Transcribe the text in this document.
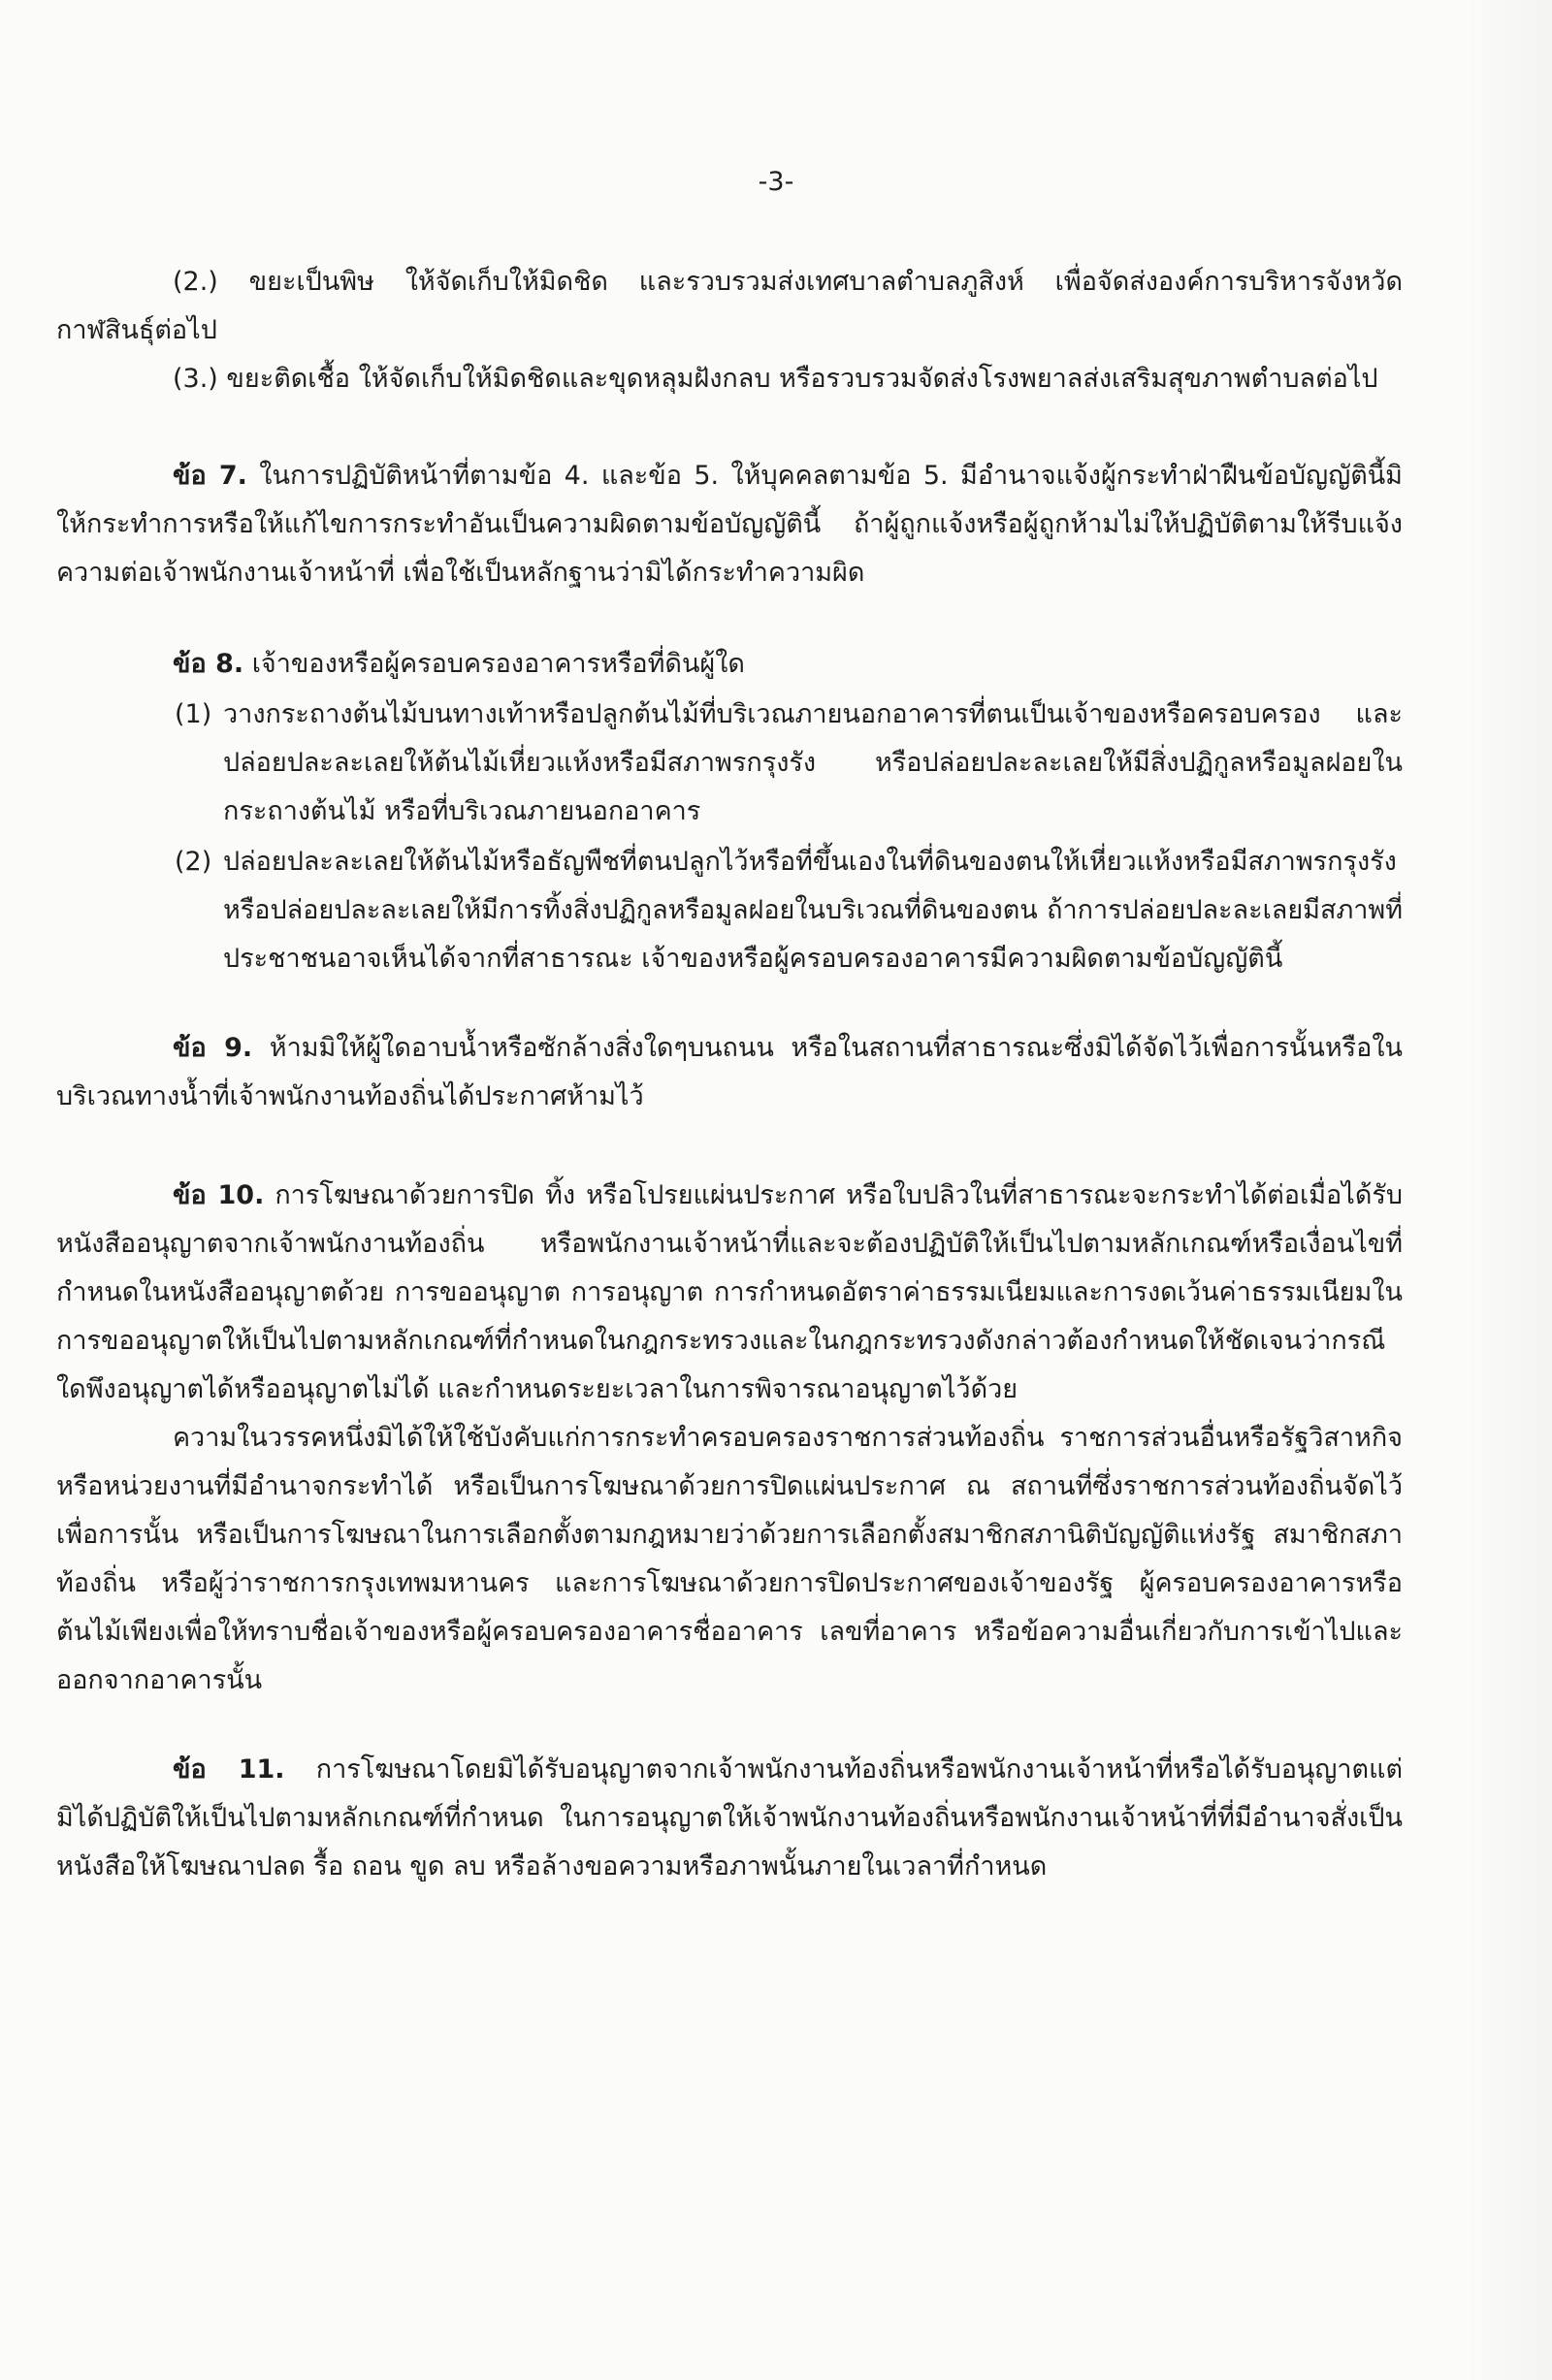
-3-

(2.) ขยะเป็นพิษ ให้จัดเก็บให้มิดชิด และรวบรวมส่งเทศบาลตำบลภูสิงห์ เพื่อจัดส่งองค์การบริหารจังหวัดกาฬสินธุ์ต่อไป

(3.) ขยะติดเชื้อ ให้จัดเก็บให้มิดชิดและขุดหลุมฝังกลบ หรือรวบรวมจัดส่งโรงพยาลส่งเสริมสุขภาพตำบลต่อไป

ข้อ 7. ในการปฏิบัติหน้าที่ตามข้อ 4. และข้อ 5. ให้บุคคลตามข้อ 5. มีอำนาจแจ้งผู้กระทำฝ่าฝืนข้อบัญญัตินี้มิให้กระทำการหรือให้แก้ไขการกระทำอันเป็นความผิดตามข้อบัญญัตินี้ ถ้าผู้ถูกแจ้งหรือผู้ถูกห้ามไม่ให้ปฏิบัติตามให้รีบแจ้งความต่อเจ้าพนักงานเจ้าหน้าที่ เพื่อใช้เป็นหลักฐานว่ามิได้กระทำความผิด

ข้อ 8. เจ้าของหรือผู้ครอบครองอาคารหรือที่ดินผู้ใด

(1) วางกระถางต้นไม้บนทางเท้าหรือปลูกต้นไม้ที่บริเวณภายนอกอาคารที่ตนเป็นเจ้าของหรือครอบครอง และปล่อยปละละเลยให้ต้นไม้เหี่ยวแห้งหรือมีสภาพรกรุงรัง หรือปล่อยปละละเลยให้มีสิ่งปฏิกูลหรือมูลฝอยในกระถางต้นไม้ หรือที่บริเวณภายนอกอาคาร
(2) ปล่อยปละละเลยให้ต้นไม้หรือธัญพืชที่ตนปลูกไว้หรือที่ขึ้นเองในที่ดินของตนให้เหี่ยวแห้งหรือมีสภาพรกรุงรัง หรือปล่อยปละละเลยให้มีการทิ้งสิ่งปฏิกูลหรือมูลฝอยในบริเวณที่ดินของตน ถ้าการปล่อยปละละเลยมีสภาพที่ประชาชนอาจเห็นได้จากที่สาธารณะ เจ้าของหรือผู้ครอบครองอาคารมีความผิดตามข้อบัญญัตินี้

ข้อ 9. ห้ามมิให้ผู้ใดอาบน้ำหรือซักล้างสิ่งใดๆบนถนน หรือในสถานที่สาธารณะซึ่งมิได้จัดไว้เพื่อการนั้นหรือในบริเวณทางน้ำที่เจ้าพนักงานท้องถิ่นได้ประกาศห้ามไว้

ข้อ 10. การโฆษณาด้วยการปิด ทิ้ง หรือโปรยแผ่นประกาศ หรือใบปลิวในที่สาธารณะจะกระทำได้ต่อเมื่อได้รับหนังสืออนุญาตจากเจ้าพนักงานท้องถิ่น หรือพนักงานเจ้าหน้าที่และจะต้องปฏิบัติให้เป็นไปตามหลักเกณฑ์หรือเงื่อนไขที่กำหนดในหนังสืออนุญาตด้วย การขออนุญาต การอนุญาต การกำหนดอัตราค่าธรรมเนียมและการงดเว้นค่าธรรมเนียมในการขออนุญาตให้เป็นไปตามหลักเกณฑ์ที่กำหนดในกฎกระทรวงและในกฎกระทรวงดังกล่าวต้องกำหนดให้ชัดเจนว่ากรณีใดพึงอนุญาตได้หรืออนุญาตไม่ได้ และกำหนดระยะเวลาในการพิจารณาอนุญาตไว้ด้วย

ความในวรรคหนึ่งมิได้ให้ใช้บังคับแก่การกระทำครอบครองราชการส่วนท้องถิ่น ราชการส่วนอื่นหรือรัฐวิสาหกิจ หรือหน่วยงานที่มีอำนาจกระทำได้ หรือเป็นการโฆษณาด้วยการปิดแผ่นประกาศ ณ สถานที่ซึ่งราชการส่วนท้องถิ่นจัดไว้เพื่อการนั้น หรือเป็นการโฆษณาในการเลือกตั้งตามกฎหมายว่าด้วยการเลือกตั้งสมาชิกสภานิติบัญญัติแห่งรัฐ สมาชิกสภาท้องถิ่น หรือผู้ว่าราชการกรุงเทพมหานคร และการโฆษณาด้วยการปิดประกาศของเจ้าของรัฐ ผู้ครอบครองอาคารหรือต้นไม้เพียงเพื่อให้ทราบชื่อเจ้าของหรือผู้ครอบครองอาคารชื่ออาคาร เลขที่อาคาร หรือข้อความอื่นเกี่ยวกับการเข้าไปและออกจากอาคารนั้น

ข้อ 11. การโฆษณาโดยมิได้รับอนุญาตจากเจ้าพนักงานท้องถิ่นหรือพนักงานเจ้าหน้าที่หรือได้รับอนุญาตแต่มิได้ปฏิบัติให้เป็นไปตามหลักเกณฑ์ที่กำหนด ในการอนุญาตให้เจ้าพนักงานท้องถิ่นหรือพนักงานเจ้าหน้าที่ที่มีอำนาจสั่งเป็นหนังสือให้โฆษณาปลด รื้อ ถอน ขูด ลบ หรือล้างขอความหรือภาพนั้นภายในเวลาที่กำหนด
